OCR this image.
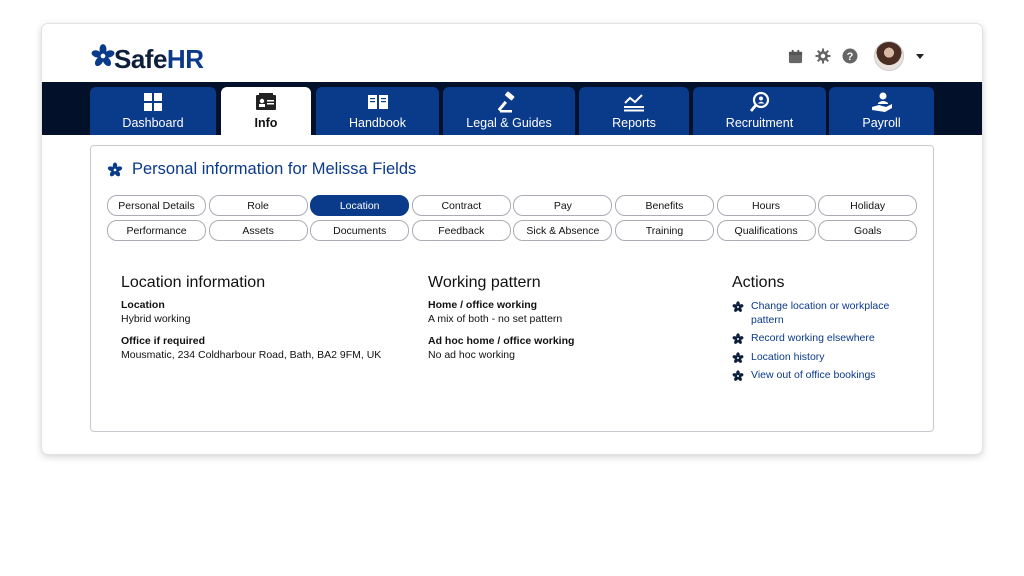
SafeHR	?
Dashboard	Info	Handbook	Legal & Guides	Reports	Recruitment	Payroll
Personal information for Melissa Fields
Personal Details	Role	Location	Contract	Pay	Benefits	Hours	Holiday
Performance	Assets	Documents	Feedback	Sick & Absence	Training	Qualifications	Goals
Location information
Location
Hybrid working
Office if required
Mousmatic, 234 Coldharbour Road, Bath, BA2 9FM, UK
Working pattern
Home / office working
A mix of both - no set pattern
Ad hoc home / office working
No ad hoc working
Actions
Change location or workplace pattern
Record working elsewhere
Location history
View out of office bookings
